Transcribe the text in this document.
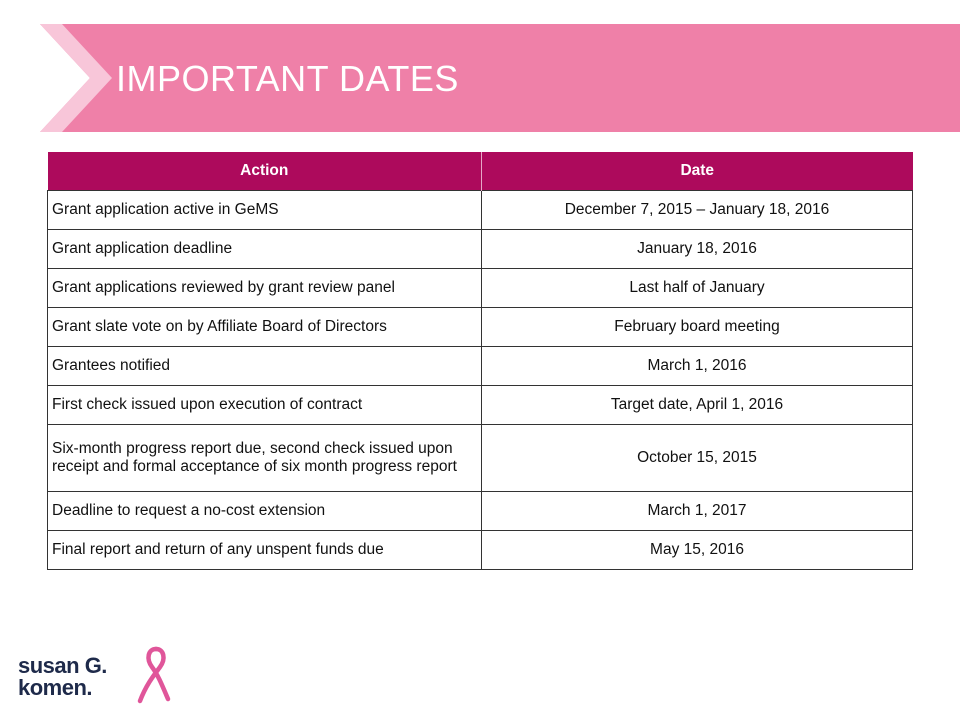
IMPORTANT DATES
Action	Date
Grant application active in GeMS	December 7, 2015 – January 18, 2016
Grant application deadline	January 18, 2016
Grant applications reviewed by grant review panel	Last half of January
Grant slate vote on by Affiliate Board of Directors	February board meeting
Grantees notified	March 1, 2016
First check issued upon execution of contract	Target date, April 1, 2016
Six-month progress report due, second check issued upon receipt and formal acceptance of six month progress report	October 15, 2015
Deadline to request a no-cost extension	March 1, 2017
Final report and return of any unspent funds due	May 15, 2016
susan G.
komen.
